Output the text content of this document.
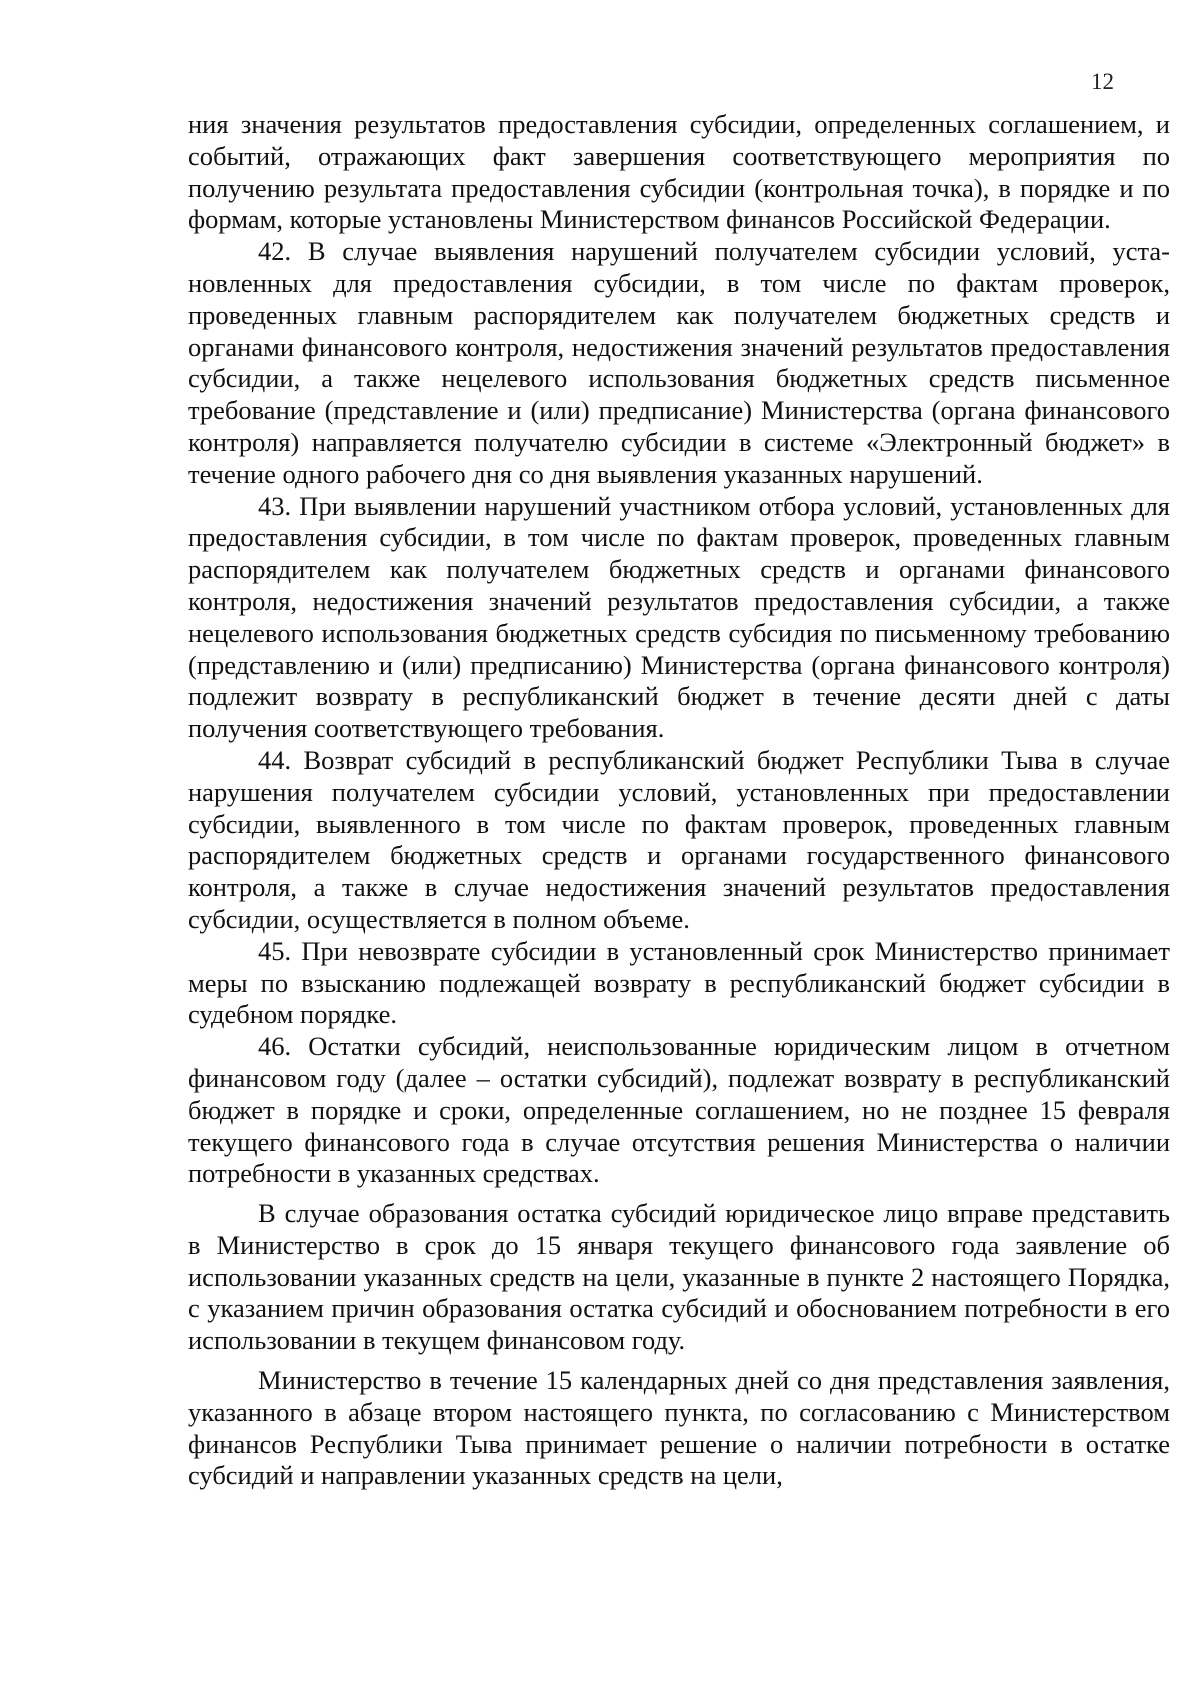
12

ния значения результатов предоставления субсидии, определенных соглашением, и событий, отражающих факт завершения соответствующего мероприятия по получению результата предоставления субсидии (контрольная точка), в порядке и по формам, которые установлены Министерством финансов Российской Федерации.

42. В случае выявления нарушений получателем субсидии условий, установленных для предоставления субсидии, в том числе по фактам проверок, проведенных главным распорядителем как получателем бюджетных средств и органами финансового контроля, недостижения значений результатов предоставления субсидии, а также нецелевого использования бюджетных средств письменное требование (представление и (или) предписание) Министерства (органа финансового контроля) направляется получателю субсидии в системе «Электронный бюджет» в течение одного рабочего дня со дня выявления указанных нарушений.

43. При выявлении нарушений участником отбора условий, установленных для предоставления субсидии, в том числе по фактам проверок, проведенных главным распорядителем как получателем бюджетных средств и органами финансового контроля, недостижения значений результатов предоставления субсидии, а также нецелевого использования бюджетных средств субсидия по письменному требованию (представлению и (или) предписанию) Министерства (органа финансового контроля) подлежит возврату в республиканский бюджет в течение десяти дней с даты получения соответствующего требования.

44. Возврат субсидий в республиканский бюджет Республики Тыва в случае нарушения получателем субсидии условий, установленных при предоставлении субсидии, выявленного в том числе по фактам проверок, проведенных главным распорядителем бюджетных средств и органами государственного финансового контроля, а также в случае недостижения значений результатов предоставления субсидии, осуществляется в полном объеме.

45. При невозврате субсидии в установленный срок Министерство принимает меры по взысканию подлежащей возврату в республиканский бюджет субсидии в судебном порядке.

46. Остатки субсидий, неиспользованные юридическим лицом в отчетном финансовом году (далее – остатки субсидий), подлежат возврату в республиканский бюджет в порядке и сроки, определенные соглашением, но не позднее 15 февраля текущего финансового года в случае отсутствия решения Министерства о наличии потребности в указанных средствах.

В случае образования остатка субсидий юридическое лицо вправе представить в Министерство в срок до 15 января текущего финансового года заявление об использовании указанных средств на цели, указанные в пункте 2 настоящего Порядка, с указанием причин образования остатка субсидий и обоснованием потребности в его использовании в текущем финансовом году.

Министерство в течение 15 календарных дней со дня представления заявления, указанного в абзаце втором настоящего пункта, по согласованию с Министерством финансов Республики Тыва принимает решение о наличии потребности в остатке субсидий и направлении указанных средств на цели,
